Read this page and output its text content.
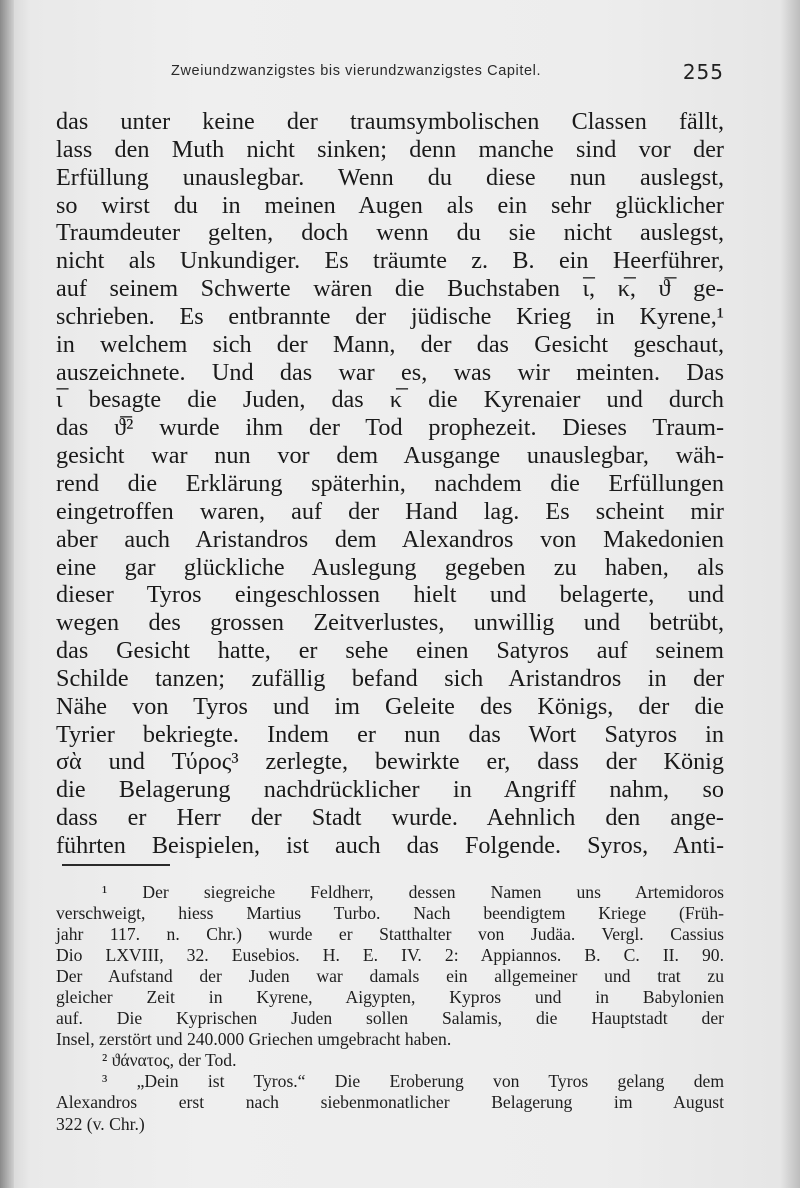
Zweiundzwanzigstes bis vierundzwanzigstes Capitel.	255
das unter keine der traumsymbolischen Classen fällt,
lass den Muth nicht sinken; denn manche sind vor der
Erfüllung unauslegbar. Wenn du diese nun auslegst,
so wirst du in meinen Augen als ein sehr glücklicher
Traumdeuter gelten, doch wenn du sie nicht auslegst,
nicht als Unkundiger. Es träumte z. B. ein Heerführer,
auf seinem Schwerte wären die Buchstaben ι̅, κ̅, ϑ̅ ge-
schrieben. Es entbrannte der jüdische Krieg in Kyrene,¹
in welchem sich der Mann, der das Gesicht geschaut,
auszeichnete. Und das war es, was wir meinten. Das
ι̅ besagte die Juden, das κ̅ die Kyrenaier und durch
das ϑ̅² wurde ihm der Tod prophezeit. Dieses Traum-
gesicht war nun vor dem Ausgange unauslegbar, wäh-
rend die Erklärung späterhin, nachdem die Erfüllungen
eingetroffen waren, auf der Hand lag. Es scheint mir
aber auch Aristandros dem Alexandros von Makedonien
eine gar glückliche Auslegung gegeben zu haben, als
dieser Tyros eingeschlossen hielt und belagerte, und
wegen des grossen Zeitverlustes, unwillig und betrübt,
das Gesicht hatte, er sehe einen Satyros auf seinem
Schilde tanzen; zufällig befand sich Aristandros in der
Nähe von Tyros und im Geleite des Königs, der die
Tyrier bekriegte. Indem er nun das Wort Satyros in
σὰ und Τύρος³ zerlegte, bewirkte er, dass der König
die Belagerung nachdrücklicher in Angriff nahm, so
dass er Herr der Stadt wurde. Aehnlich den ange-
führten Beispielen, ist auch das Folgende. Syros, Anti-
¹ Der siegreiche Feldherr, dessen Namen uns Artemidoros
verschweigt, hiess Martius Turbo. Nach beendigtem Kriege (Früh-
jahr 117. n. Chr.) wurde er Statthalter von Judäa. Vergl. Cassius
Dio LXVIII, 32. Eusebios. H. E. IV. 2: Appiannos. B. C. II. 90.
Der Aufstand der Juden war damals ein allgemeiner und trat zu
gleicher Zeit in Kyrene, Aigypten, Kypros und in Babylonien
auf. Die Kyprischen Juden sollen Salamis, die Hauptstadt der
Insel, zerstört und 240.000 Griechen umgebracht haben.
² ϑάνατος, der Tod.
³ „Dein ist Tyros.“ Die Eroberung von Tyros gelang dem
Alexandros erst nach siebenmonatlicher Belagerung im August
322 (v. Chr.)
